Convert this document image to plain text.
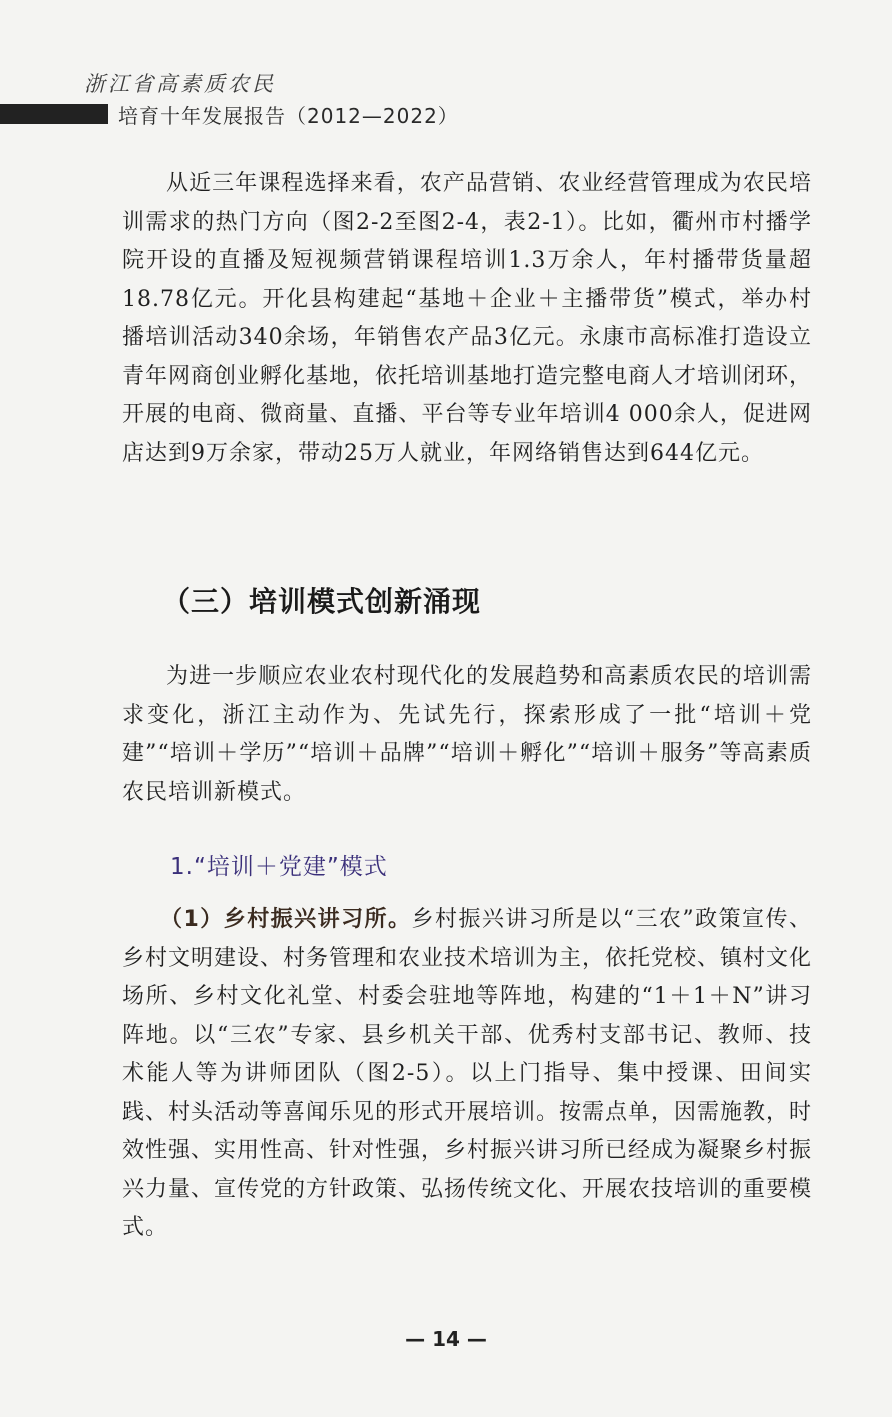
浙江省高素质农民
培育十年发展报告（2012—2022）
从近三年课程选择来看，农产品营销、农业经营管理成为农民培训需求的热门方向（图2-2至图2-4，表2-1）。比如，衢州市村播学院开设的直播及短视频营销课程培训1.3万余人，年村播带货量超18.78亿元。开化县构建起“基地＋企业＋主播带货”模式，举办村播培训活动340余场，年销售农产品3亿元。永康市高标准打造设立青年网商创业孵化基地，依托培训基地打造完整电商人才培训闭环，开展的电商、微商量、直播、平台等专业年培训4 000余人，促进网店达到9万余家，带动25万人就业，年网络销售达到644亿元。
（三）培训模式创新涌现
为进一步顺应农业农村现代化的发展趋势和高素质农民的培训需求变化，浙江主动作为、先试先行，探索形成了一批“培训＋党建”“培训＋学历”“培训＋品牌”“培训＋孵化”“培训＋服务”等高素质农民培训新模式。
1.“培训＋党建”模式
（1）乡村振兴讲习所。乡村振兴讲习所是以“三农”政策宣传、乡村文明建设、村务管理和农业技术培训为主，依托党校、镇村文化场所、乡村文化礼堂、村委会驻地等阵地，构建的“1＋1＋N”讲习阵地。以“三农”专家、县乡机关干部、优秀村支部书记、教师、技术能人等为讲师团队（图2-5）。以上门指导、集中授课、田间实践、村头活动等喜闻乐见的形式开展培训。按需点单，因需施教，时效性强、实用性高、针对性强，乡村振兴讲习所已经成为凝聚乡村振兴力量、宣传党的方针政策、弘扬传统文化、开展农技培训的重要模式。
— 14 —
